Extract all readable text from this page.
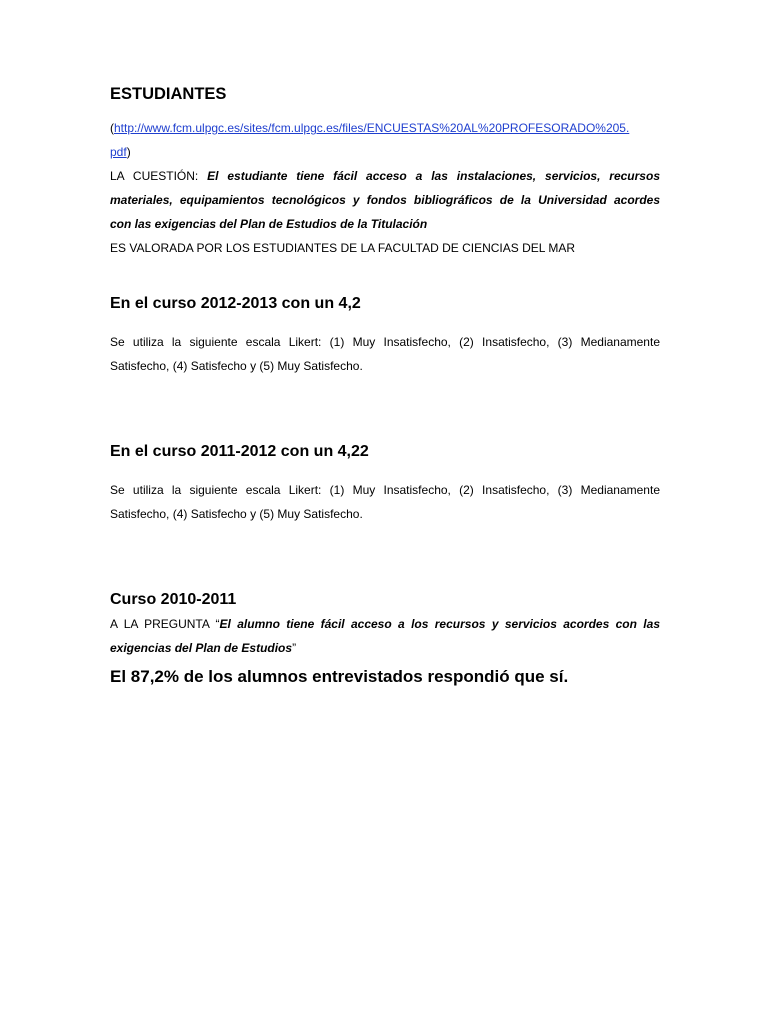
ESTUDIANTES
(http://www.fcm.ulpgc.es/sites/fcm.ulpgc.es/files/ENCUESTAS%20AL%20PROFESORADO%205.
pdf)
LA CUESTIÓN: El estudiante tiene fácil acceso a las instalaciones, servicios, recursos
materiales, equipamientos tecnológicos y fondos bibliográficos de la Universidad acordes
con las exigencias del Plan de Estudios de la Titulación
ES VALORADA POR LOS ESTUDIANTES DE LA FACULTAD DE CIENCIAS DEL MAR
En el curso 2012-2013 con un 4,2
Se utiliza la siguiente escala Likert: (1) Muy Insatisfecho, (2) Insatisfecho, (3) Medianamente
Satisfecho, (4) Satisfecho y (5) Muy Satisfecho.
En el curso 2011-2012 con un 4,22
Se utiliza la siguiente escala Likert: (1) Muy Insatisfecho, (2) Insatisfecho, (3) Medianamente
Satisfecho, (4) Satisfecho y (5) Muy Satisfecho.
Curso 2010-2011
A LA PREGUNTA “El alumno tiene fácil acceso a los recursos y servicios acordes con las
exigencias del Plan de Estudios”
El 87,2% de los alumnos entrevistados respondió que sí.
